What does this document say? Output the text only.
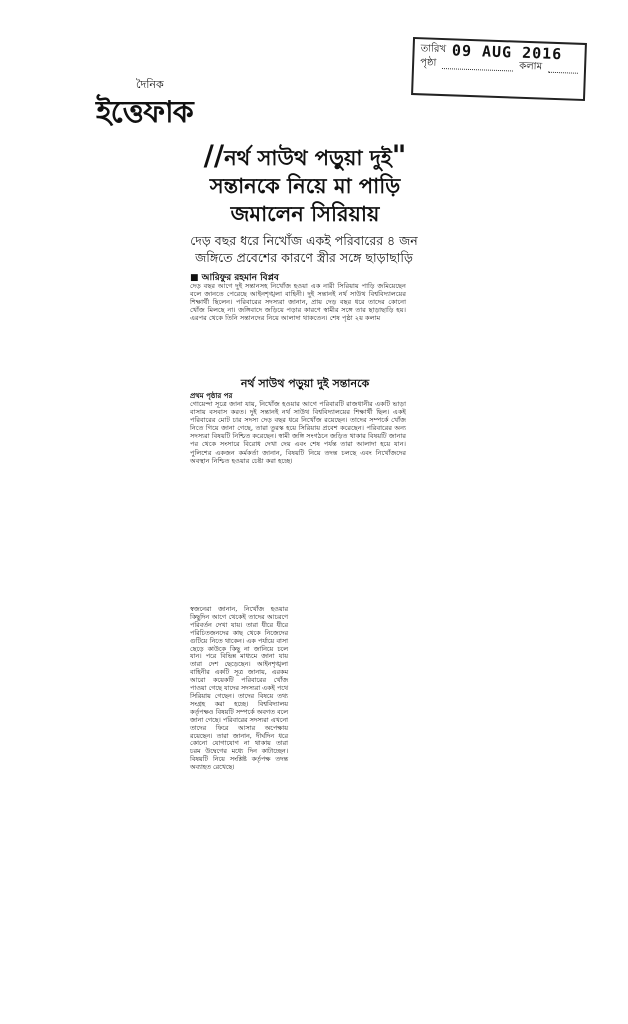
তারিখ 09 AUG 2016
পৃষ্ঠা	কলাম
দৈনিক
ইত্তেফাক
//নর্থ সাউথ পড়ুয়া দুই"
সন্তানকে নিয়ে মা পাড়ি
জমালেন সিরিয়ায়
দেড় বছর ধরে নিখোঁজ একই পরিবারের ৪ জন
জঙ্গিতে প্রবেশের কারণে স্ত্রীর সঙ্গে ছাড়াছাড়ি
■ আরিফুর রহমান বিপ্লব
দেড় বছর আগে দুই সন্তানসহ নিখোঁজ হওয়া এক নারী সিরিয়ায় পাড়ি জমিয়েছেন বলে জানতে পেরেছে আইনশৃঙ্খলা বাহিনী। দুই সন্তানই নর্থ সাউথ বিশ্ববিদ্যালয়ের শিক্ষার্থী ছিলেন। পরিবারের সদস্যরা জানান, প্রায় দেড় বছর ধরে তাদের কোনো খোঁজ মিলছে না। জঙ্গিবাদে জড়িয়ে পড়ার কারণে স্বামীর সঙ্গে তার ছাড়াছাড়ি হয়। এরপর থেকে তিনি সন্তানদের নিয়ে আলাদা থাকতেন। শেষ পৃষ্ঠা ২য় কলাম
নর্থ সাউথ পড়ুয়া দুই সন্তানকে
প্রথম পৃষ্ঠার পর
গোয়েন্দা সূত্রে জানা যায়, নিখোঁজ হওয়ার আগে পরিবারটি রাজধানীর একটি ভাড়া বাসায় বসবাস করত। দুই সন্তানই নর্থ সাউথ বিশ্ববিদ্যালয়ের শিক্ষার্থী ছিল। একই পরিবারের মোট চার সদস্য দেড় বছর ধরে নিখোঁজ রয়েছেন। তাদের সম্পর্কে খোঁজ নিতে গিয়ে জানা গেছে, তারা তুরস্ক হয়ে সিরিয়ায় প্রবেশ করেছেন। পরিবারের অন্য সদস্যরা বিষয়টি নিশ্চিত করেছেন। স্বামী জঙ্গি সংগঠনে জড়িত থাকার বিষয়টি জানার পর থেকে সংসারে বিরোধ দেখা দেয় এবং শেষ পর্যন্ত তারা আলাদা হয়ে যান। পুলিশের একজন কর্মকর্তা জানান, বিষয়টি নিয়ে তদন্ত চলছে এবং নিখোঁজদের অবস্থান নিশ্চিত হওয়ার চেষ্টা করা হচ্ছে।
স্বজনেরা জানান, নিখোঁজ হওয়ার কিছুদিন আগে থেকেই তাদের আচরণে পরিবর্তন দেখা যায়। তারা ধীরে ধীরে পরিচিতজনদের কাছ থেকে নিজেদের গুটিয়ে নিতে থাকেন। এক পর্যায়ে বাসা ছেড়ে কাউকে কিছু না জানিয়ে চলে যান। পরে বিভিন্ন মাধ্যমে জানা যায় তারা দেশ ছেড়েছেন। আইনশৃঙ্খলা বাহিনীর একটি সূত্র জানায়, এরকম আরো কয়েকটি পরিবারের খোঁজ পাওয়া গেছে যাদের সদস্যরা একই পথে সিরিয়ায় গেছেন। তাদের বিষয়ে তথ্য সংগ্রহ করা হচ্ছে। বিশ্ববিদ্যালয় কর্তৃপক্ষও বিষয়টি সম্পর্কে অবগত বলে জানা গেছে। পরিবারের সদস্যরা এখনো তাদের ফিরে আসার অপেক্ষায় রয়েছেন। তারা জানান, দীর্ঘদিন ধরে কোনো যোগাযোগ না থাকায় তারা চরম উদ্বেগের মধ্যে দিন কাটাচ্ছেন। বিষয়টি নিয়ে সংশ্লিষ্ট কর্তৃপক্ষ তদন্ত অব্যাহত রেখেছে।
